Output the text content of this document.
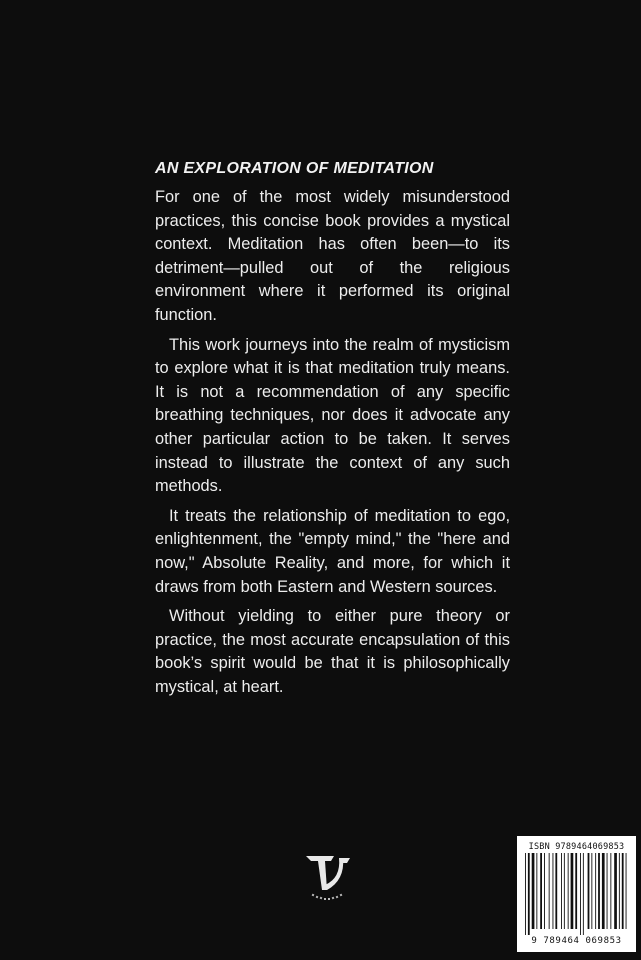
AN EXPLORATION OF MEDITATION

For one of the most widely misunderstood practices, this concise book provides a mystical context. Meditation has often been—to its detriment—pulled out of the religious environment where it performed its original function.

This work journeys into the realm of mysticism to explore what it is that meditation truly means. It is not a recommendation of any specific breathing techniques, nor does it advocate any other particular action to be taken. It serves instead to illustrate the context of any such methods.

It treats the relationship of meditation to ego, enlightenment, the "empty mind," the "here and now," Absolute Reality, and more, for which it draws from both Eastern and Western sources.

Without yielding to either pure theory or practice, the most accurate encapsulation of this book’s spirit would be that it is philosophically mystical, at heart.

ISBN 9789464069853
9 789464 069853
